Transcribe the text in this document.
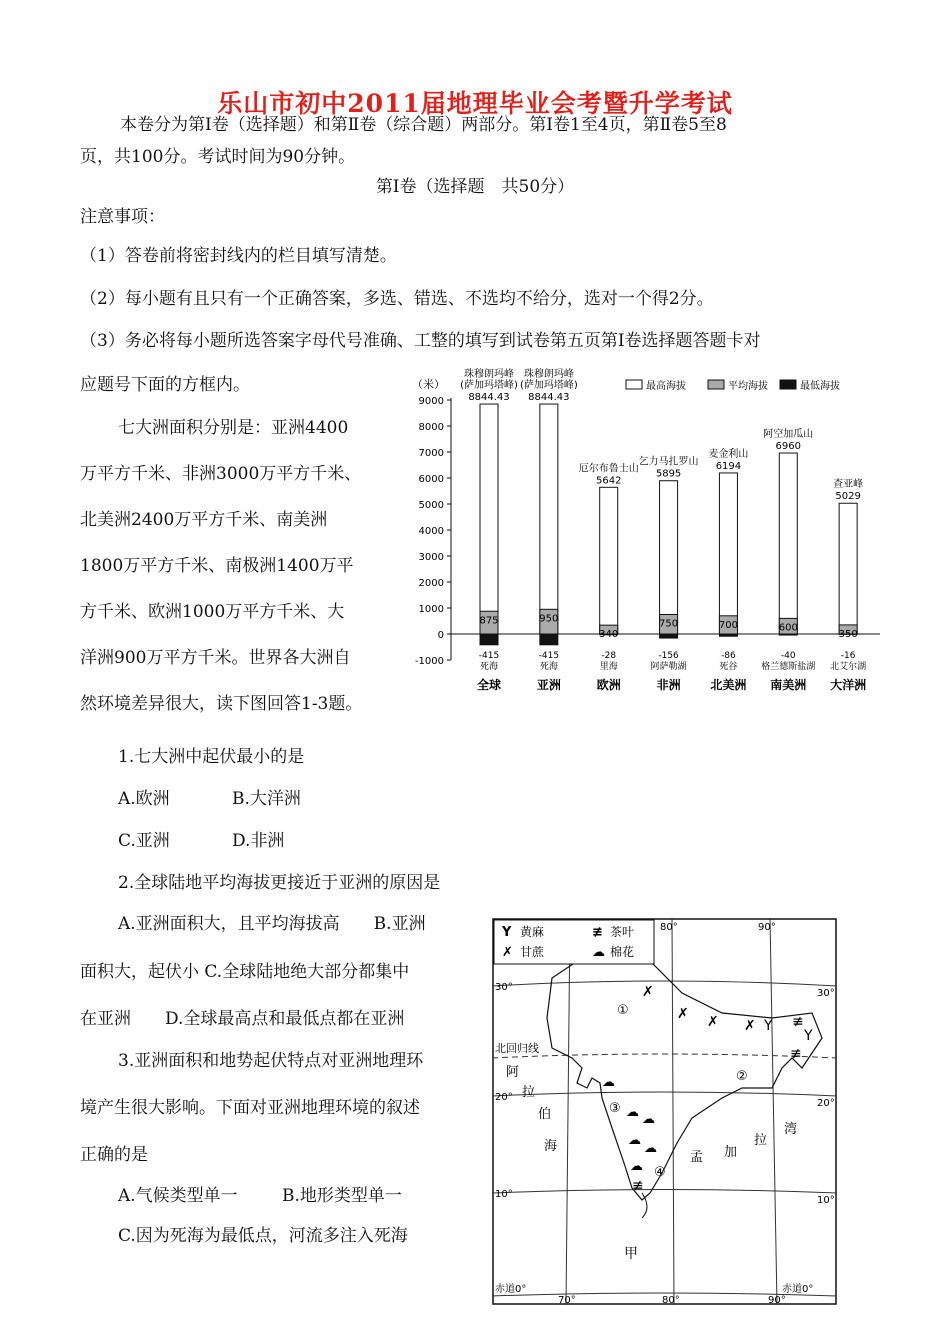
乐山市初中2011届地理毕业会考暨升学考试
本卷分为第Ⅰ卷（选择题）和第Ⅱ卷（综合题）两部分。第Ⅰ卷1至4页，第Ⅱ卷5至8
页，共100分。考试时间为90分钟。
第Ⅰ卷（选择题　共50分）
注意事项：
（1）答卷前将密封线内的栏目填写清楚。
（2）每小题有且只有一个正确答案，多选、错选、不选均不给分，选对一个得2分。
（3）务必将每小题所选答案字母代号准确、工整的填写到试卷第五页第Ⅰ卷选择题答题卡对
应题号下面的方框内。
七大洲面积分别是：亚洲4400
万平方千米、非洲3000万平方千米、
北美洲2400万平方千米、南美洲
1800万平方千米、南极洲1400万平
方千米、欧洲1000万平方千米、大
洋洲900万平方千米。世界各大洲自
然环境差异很大，读下图回答1-3题。
1.七大洲中起伏最小的是
A.欧洲	B.大洋洲
C.亚洲	D.非洲
2.全球陆地平均海拔更接近于亚洲的原因是
A.亚洲面积大，且平均海拔高　　B.亚洲
面积大，起伏小 C.全球陆地绝大部分都集中
在亚洲　　D.全球最高点和最低点都在亚洲
3.亚洲面积和地势起伏特点对亚洲地理环
境产生很大影响。下面对亚洲地理环境的叙述
正确的是
A.气候类型单一	B.地形类型单一
C.因为死海为最低点，河流多注入死海
（米）
9000
8000
7000
6000
5000
4000
3000
2000
1000
0
-1000
最高海拔	平均海拔	最低海拔
875
-415
死海
8844.43
珠穆朗玛峰
(萨加玛塔峰)
全球
950
-415
死海
8844.43
珠穆朗玛峰
(萨加玛塔峰)
亚洲
340
-28
里海
5642
厄尔布鲁士山
欧洲
750
-156
阿萨勒湖
5895
乞力马扎罗山
非洲
700
-86
死谷
6194
麦金利山
北美洲
600
-40
格兰德斯盐湖
6960
阿空加瓜山
南美洲
350
-16
北艾尔湖
5029
查亚峰
大洋洲
Y 黄麻	≢ 茶叶
✗ 甘蔗	☁ 棉花
80°	90°
70°	80°	90°
30°
30°
20°
20°
10°
10°
赤道0°	赤道0°
北回归线
阿
拉
伯
海
孟 加
拉
湾
甲
①
②
③
④
✗
✗ ✗ ✗ Y ≢
≢
Y
≢
☁ ☁
☁
☁
☁
☁
